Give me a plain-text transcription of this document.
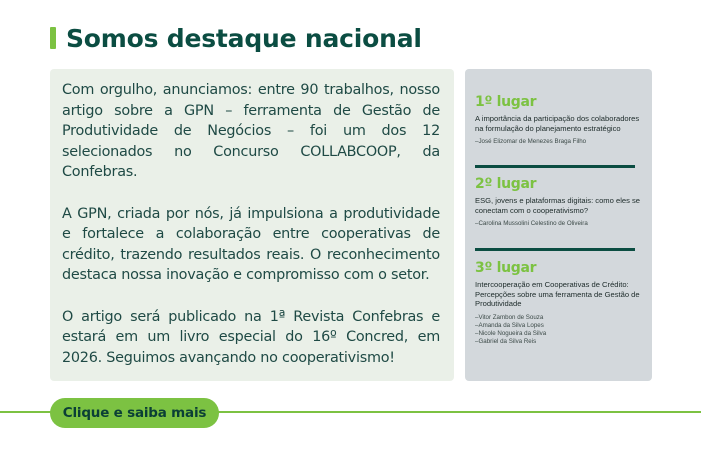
Somos destaque nacional

Com orgulho, anunciamos: entre 90 trabalhos, nosso artigo sobre a GPN – ferramenta de Gestão de Produtividade de Negócios – foi um dos 12 selecionados no Concurso COLLABCOOP, da Confebras.

A GPN, criada por nós, já impulsiona a produtividade e fortalece a colaboração entre cooperativas de crédito, trazendo resultados reais. O reconhecimento destaca nossa inovação e compromisso com o setor.

O artigo será publicado na 1ª Revista Confebras e estará em um livro especial do 16º Concred, em 2026. Seguimos avançando no cooperativismo!

1º lugar
A importância da participação dos colaboradores na formulação do planejamento estratégico
–José Elizomar de Menezes Braga Filho
2º lugar
ESG, jovens e plataformas digitais: como eles se conectam com o cooperativismo?
–Carolina Mussolini Celestino de Oliveira
3º lugar
Intercooperação em Cooperativas de Crédito: Percepções sobre uma ferramenta de Gestão de Produtividade
–Vitor Zambon de Souza
–Amanda da Silva Lopes
–Nicole Nogueira da Silva
–Gabriel da Silva Reis
Clique e saiba mais
